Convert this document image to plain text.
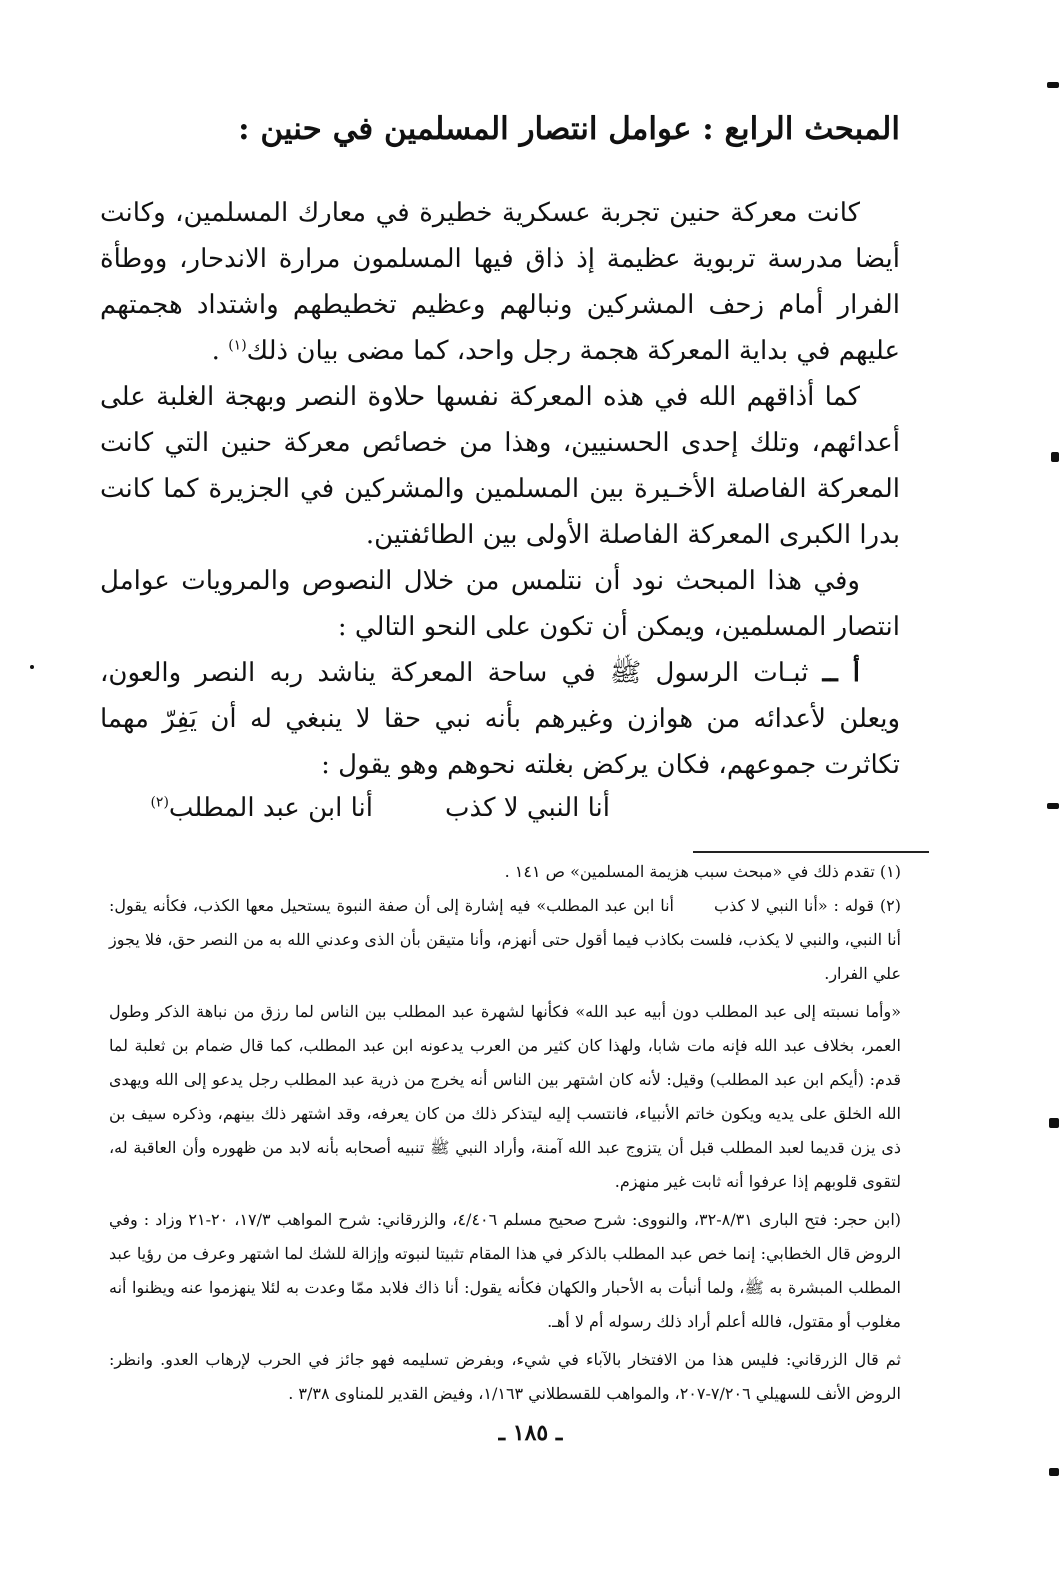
المبحث الرابع : عوامل انتصار المسلمين في حنين :

كانت معركة حنين تجربة عسكرية خطيرة في معارك المسلمين، وكانت أيضا مدرسة تربوية عظيمة إذ ذاق فيها المسلمون مرارة الاندحار، ووطأة الفرار أمام زحف المشركين ونبالهم وعظيم تخطيطهم واشتداد هجمتهم عليهم في بداية المعركة هجمة رجل واحد، كما مضى بيان ذلك$^{(١)}$ .

كما أذاقهم الله في هذه المعركة نفسها حلاوة النصر وبهجة الغلبة على أعدائهم، وتلك إحدى الحسنيين، وهذا من خصائص معركة حنين التي كانت المعركة الفاصلة الأخـيرة بين المسلمين والمشركين في الجزيرة كما كانت بدرا الكبرى المعركة الفاصلة الأولى بين الطائفتين.

وفي هذا المبحث نود أن نتلمس من خلال النصوص والمرويات عوامل انتصار المسلمين، ويمكن أن تكون على النحو التالي :

أ ــ ثبـات الرسول ﷺ في ساحة المعركة يناشد ربه النصر والعون، ويعلن لأعدائه من هوازن وغيرهم بأنه نبي حقا لا ينبغي له أن يَفِرّ مهما تكاثرت جموعهم، فكان يركض بغلته نحوهم وهو يقول :

أنا النبي لا كذب
أنا ابن عبد المطلب$^{(٢)}$

(١) تقدم ذلك في «مبحث سبب هزيمة المسلمين» ص ١٤١ .

(٢) قوله : «أنا النبي لا كذبأنا ابن عبد المطلب» فيه إشارة إلى أن صفة النبوة يستحيل معها الكذب، فكأنه يقول: أنا النبي، والنبي لا يكذب، فلست بكاذب فيما أقول حتى أنهزم، وأنا متيقن بأن الذى وعدني الله به من النصر حق، فلا يجوز علي الفرار.

«وأما نسبته إلى عبد المطلب دون أبيه عبد الله» فكأنها لشهرة عبد المطلب بين الناس لما رزق من نباهة الذكر وطول العمر، بخلاف عبد الله فإنه مات شابا، ولهذا كان كثير من العرب يدعونه ابن عبد المطلب، كما قال ضمام بن ثعلبة لما قدم: (أيكم ابن عبد المطلب) وقيل: لأنه كان اشتهر بين الناس أنه يخرج من ذرية عبد المطلب رجل يدعو إلى الله ويهدى الله الخلق على يديه ويكون خاتم الأنبياء، فانتسب إليه ليتذكر ذلك من كان يعرفه، وقد اشتهر ذلك بينهم، وذكره سيف بن ذى يزن قديما لعبد المطلب قبل أن يتزوج عبد الله آمنة، وأراد النبي ﷺ تنبيه أصحابه بأنه لابد من ظهوره وأن العاقبة له، لتقوى قلوبهم إذا عرفوا أنه ثابت غير منهزم.

(ابن حجر: فتح البارى ٨/٣١-٣٢، والنووى: شرح صحيح مسلم ٤/٤٠٦، والزرقاني: شرح المواهب ١٧/٣، ٢٠-٢١ وزاد : وفي الروض قال الخطابي: إنما خص عبد المطلب بالذكر في هذا المقام تثبيتا لنبوته وإزالة للشك لما اشتهر وعرف من رؤيا عبد المطلب المبشرة به ﷺ، ولما أنبأت به الأحبار والكهان فكأنه يقول: أنا ذاك فلابد ممّا وعدت به لئلا ينهزموا عنه ويظنوا أنه مغلوب أو مقتول، فالله أعلم أراد ذلك رسوله أم لا أهـ.

ثم قال الزرقاني: فليس هذا من الافتخار بالآباء في شيء، وبفرض تسليمه فهو جائز في الحرب لإرهاب العدو. وانظر: الروض الأنف للسهيلي ٧/٢٠٦-٢٠٧، والمواهب للقسطلاني ١/١٦٣، وفيض القدير للمناوى ٣/٣٨ .

ـ ١٨٥ ـ
